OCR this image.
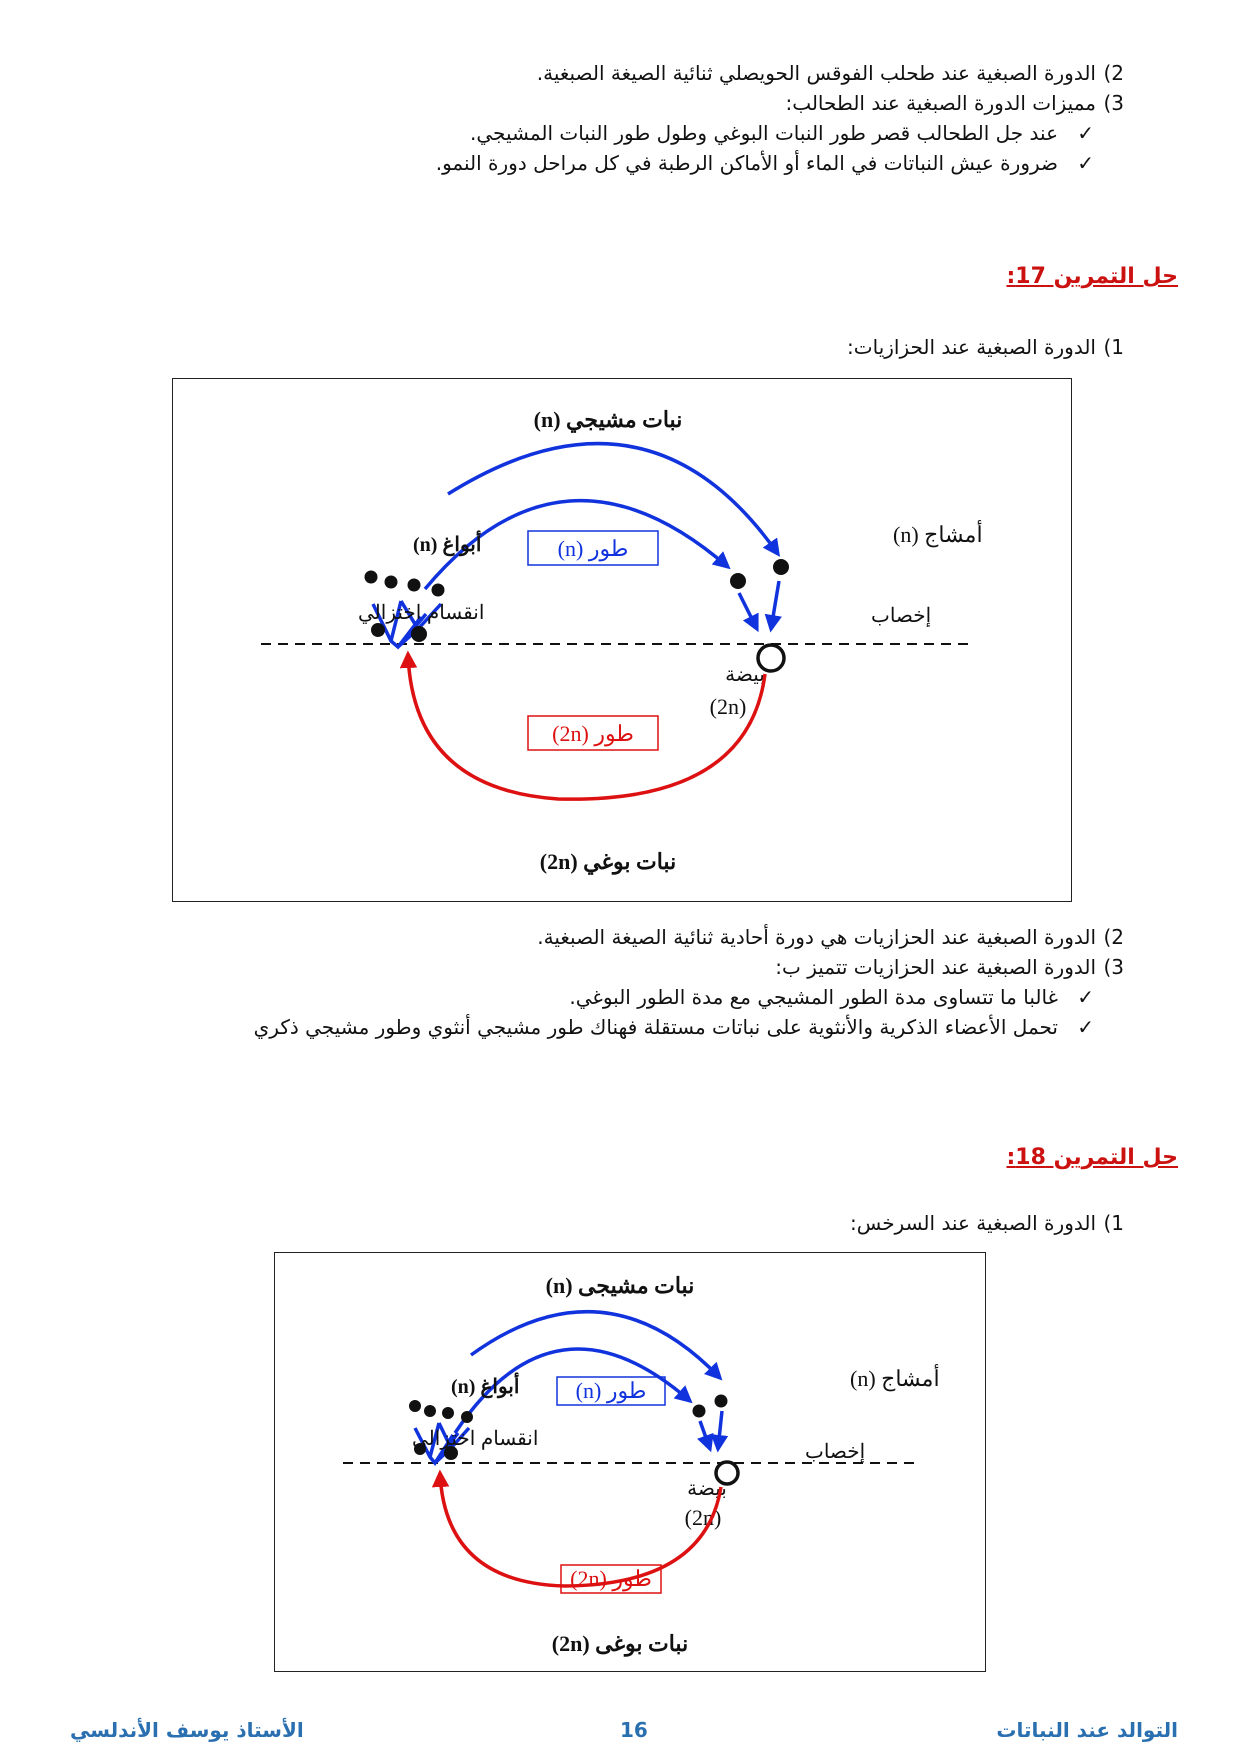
2)الدورة الصبغية عند طحلب الفوقس الحويصلي ثنائية الصيغة الصبغية.
3)مميزات الدورة الصبغية عند الطحالب:
✓عند جل الطحالب قصر طور النبات البوغي وطول طور النبات المشيجي.
✓ضرورة عيش النباتات في الماء أو الأماكن الرطبة في كل مراحل دورة النمو.
حل التمرين 17:
1)الدورة الصبغية عند الحزازيات:
نبات مشيجي (n)
طور (n)
أمشاج (n)
إخصاب
بيضة
(2n)
طور (2n)
أبواغ (n)
انقسام اختزالي
نبات بوغي (2n)
2)الدورة الصبغية عند الحزازيات هي دورة أحادية ثنائية الصيغة الصبغية.
3)الدورة الصبغية عند الحزازيات تتميز ب:
✓غالبا ما تتساوى مدة الطور المشيجي مع مدة الطور البوغي.
✓تحمل الأعضاء الذكرية والأنثوية على نباتات مستقلة فهناك طور مشيجي أنثوي وطور مشيجي ذكري
حل التمرين 18:
1)الدورة الصبغية عند السرخس:
نبات مشيجى (n)
طور (n)	أمشاج (n)
إخصاب
بيضة
(2n)
طور (2n)
أبواغ (n)
انقسام اختزالي
نبات بوغى (2n)
الأستاذ يوسف الأندلسي	16	التوالد عند النباتات
